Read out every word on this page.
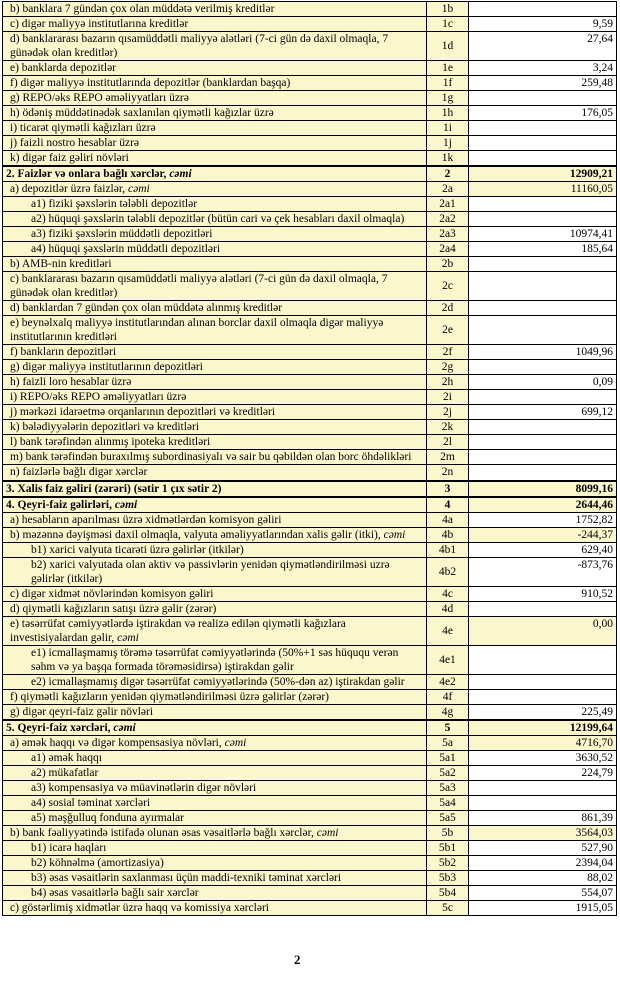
b) banklara 7 gündən çox olan müddətə verilmiş kreditlər	1b	
c) digər maliyyə institutlarına kreditlər	1c	9,59
d) banklararası bazarın qısamüddətli maliyyə alətləri (7-ci gün də daxil olmaqla, 7 günədək olan kreditlər)	1d	27,64
e) banklarda depozitlər	1e	3,24
f) digər maliyyə institutlarında depozitlər (banklardan başqa)	1f	259,48
g) REPO/əks REPO əməliyyatları üzrə	1g	
h) ödəniş müddətinədək saxlanılan qiymətli kağızlar üzrə	1h	176,05
i) ticarət qiymətli kağızları üzrə	1i	
j) faizli nostro hesablar üzrə	1j	
k) digər faiz gəliri növləri	1k	
2. Faizlər və onlara bağlı xərclər, cəmi	2	12909,21
a) depozitlər üzrə faizlər, cəmi	2a	11160,05
a1) fiziki şəxslərin tələbli depozitlər	2a1	
a2) hüquqi şəxslərin tələbli depozitlər (bütün cari və çek hesabları daxil olmaqla)	2a2	
a3) fiziki şəxslərin müddətli depozitləri	2a3	10974,41
a4) hüquqi şəxslərin müddətli depozitləri	2a4	185,64
b) AMB-nin kreditləri	2b	
c) banklararası bazarın qısamüddətli maliyyə alətləri (7-ci gün də daxil olmaqla, 7 günədək olan kreditlər)	2c	
d) banklardan 7 gündən çox olan müddətə alınmış kreditlər	2d	
e) beynəlxalq maliyyə institutlarından alınan borclar daxil olmaqla digər maliyyə institutlarının kreditləri	2e	
f) bankların depozitləri	2f	1049,96
g) digər maliyyə institutlarının depozitləri	2g	
h) faizli loro hesablar üzrə	2h	0,09
i) REPO/əks REPO əməliyyatları üzrə	2i	
j) mərkəzi idarəetmə orqanlarının depozitləri və kreditləri	2j	699,12
k) bələdiyyələrin depozitləri və kreditləri	2k	
l) bank tərəfindən alınmış ipoteka kreditləri	2l	
m) bank tərəfindən buraxılmış subordinasiyalı və sair bu qəbildən olan borc öhdəlikləri	2m	
n) faizlərlə bağlı digər xərclər	2n	
3. Xalis faiz gəliri (zərəri) (sətir 1 çıx sətir 2)	3	8099,16
4. Qeyri-faiz gəlirləri, cəmi	4	2644,46
a) hesabların aparılması üzrə xidmətlərdən komisyon gəliri	4a	1752,82
b) məzənnə dəyişməsi daxil olmaqla, valyuta əməliyyatlarından xalis gəlir (itki), cəmi	4b	-244,37
b1) xarici valyuta ticarəti üzrə gəlirlər (itkilər)	4b1	629,40
b2) xarici valyutada olan aktiv və passivlərin yenidən qiymətləndirilməsi uzrə gəlirlər (itkilər)	4b2	-873,76
c) digər xidmət növlərindən komisyon gəliri	4c	910,52
d) qiymətli kağızların satışı üzrə gəlir (zərər)	4d	
e) təsərrüfat cəmiyyətlərdə iştirakdan və realizə edilən qiymətli kağızlara investisiyalardan gəlir, cəmi	4e	0,00
e1) icmallaşmamış törəmə təsərrüfat cəmiyyətlərində (50%+1 səs hüququ verən səhm və ya başqa formada törəməsidirsə) iştirakdan gəlir	4e1	
e2) icmallaşmamış digər təsərrüfat cəmiyyətlərində (50%-dən az) iştirakdan gəlir	4e2	
f) qiymətli kağızların yenidən qiymətləndirilməsi üzrə gəlirlər (zərər)	4f	
g) digər qeyri-faiz gəlir növləri	4g	225,49
5. Qeyri-faiz xərcləri, cəmi	5	12199,64
a) əmək haqqı və digər kompensasiya növləri, cəmi	5a	4716,70
a1) əmək haqqı	5a1	3630,52
a2) mükafatlar	5a2	224,79
a3) kompensasiya və müavinətlərin digər növləri	5a3	
a4) sosial təminat xərcləri	5a4	
a5) məşğulluq fonduna ayırmalar	5a5	861,39
b) bank fəaliyyətində istifadə olunan əsas vəsaitlərlə bağlı xərclər, cəmi	5b	3564,03
b1) icarə haqları	5b1	527,90
b2) köhnəlmə (amortizasiya)	5b2	2394,04
b3) əsas vəsaitlərin saxlanması üçün maddi-texniki təminat xərcləri	5b3	88,02
b4) əsas vəsaitlərlə bağlı sair xərclər	5b4	554,07
c) göstərlimiş xidmətlər üzrə haqq və komissiya xərcləri	5c	1915,05
2
